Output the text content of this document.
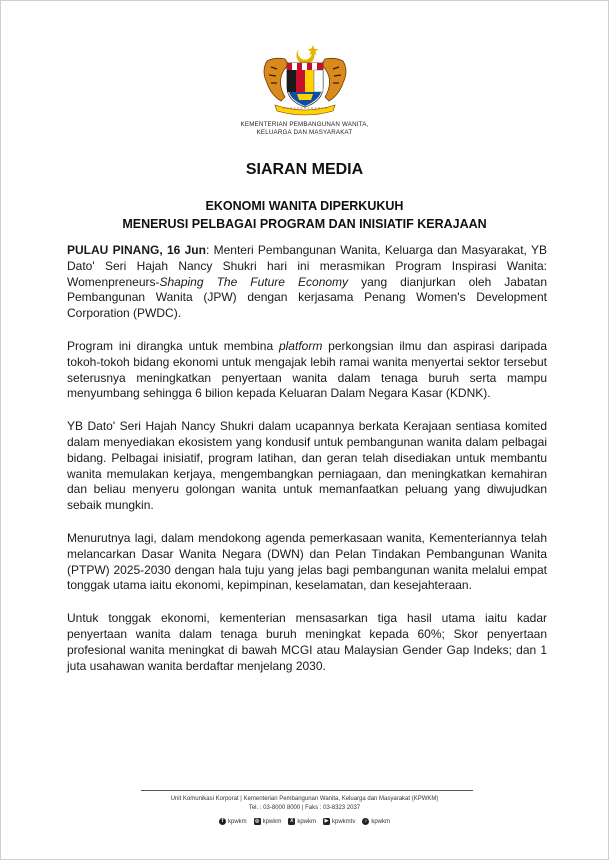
KEMENTERIAN PEMBANGUNAN WANITA,
KELUARGA DAN MASYARAKAT
SIARAN MEDIA
EKONOMI WANITA DIPERKUKUH
MENERUSI PELBAGAI PROGRAM DAN INISIATIF KERAJAAN

PULAU PINANG, 16 Jun: Menteri Pembangunan Wanita, Keluarga dan Masyarakat, YB Dato' Seri Hajah Nancy Shukri hari ini merasmikan Program Inspirasi Wanita: Womenpreneurs-Shaping The Future Economy yang dianjurkan oleh Jabatan Pembangunan Wanita (JPW) dengan kerjasama Penang Women's Development Corporation (PWDC).

Program ini dirangka untuk membina platform perkongsian ilmu dan aspirasi daripada tokoh-tokoh bidang ekonomi untuk mengajak lebih ramai wanita menyertai sektor tersebut seterusnya meningkatkan penyertaan wanita dalam tenaga buruh serta mampu menyumbang sehingga 6 bilion kepada Keluaran Dalam Negara Kasar (KDNK).

YB Dato' Seri Hajah Nancy Shukri dalam ucapannya berkata Kerajaan sentiasa komited dalam menyediakan ekosistem yang kondusif untuk pembangunan wanita dalam pelbagai bidang. Pelbagai inisiatif, program latihan, dan geran telah disediakan untuk membantu wanita memulakan kerjaya, mengembangkan perniagaan, dan meningkatkan kemahiran dan beliau menyeru golongan wanita untuk memanfaatkan peluang yang diwujudkan sebaik mungkin.

Menurutnya lagi, dalam mendokong agenda pemerkasaan wanita, Kementeriannya telah melancarkan Dasar Wanita Negara (DWN) dan Pelan Tindakan Pembangunan Wanita (PTPW) 2025-2030 dengan hala tuju yang jelas bagi pembangunan wanita melalui empat tonggak utama iaitu ekonomi, kepimpinan, keselamatan, dan kesejahteraan.

Untuk tonggak ekonomi, kementerian mensasarkan tiga hasil utama iaitu kadar penyertaan wanita dalam tenaga buruh meningkat kepada 60%; Skor penyertaan profesional wanita meningkat di bawah MCGI atau Malaysian Gender Gap Indeks; dan 1 juta usahawan wanita berdaftar menjelang 2030.

Unit Komunikasi Korporat | Kementerian Pembangunan Wanita, Keluarga dan Masyarakat (KPWKM)
Tel. : 03-8000 8000 | Faks : 03-8323 2037
f kpwkm ◎ kpwkm	X kpwkm	▶ kpwkmtv	♪ kpwkm
